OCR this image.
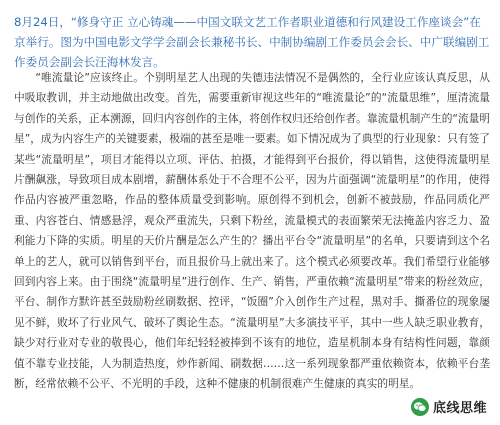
8月24日，“修身守正 立心铸魂——中国文联文艺工作者职业道德和行风建设工作座谈会”在京举行。图为中国电影文学学会副会长兼秘书长、中制协编剧工作委员会会长、中广联编剧工作委员会副会长汪海林发言。

“唯流量论”应该终止。个别明星艺人出现的失德违法情况不是偶然的，全行业应该认真反思，从中吸取教训，并主动地做出改变。首先，需要重新审视这些年的“唯流量论”的“流量思维”，厘清流量与创作的关系，正本溯源，回归内容创作的主体，将创作权归还给创作者。靠流量机制产生的“流量明星”，成为内容生产的关键要素，极端的甚至是唯一要素。如下情况成为了典型的行业现象：只有签了某些“流量明星”，项目才能得以立项、评估、拍摄，才能得到平台报价，得以销售，这使得流量明星片酬飙涨，导致项目成本剧增，薪酬体系处于不合理不公平，因为片面强调“流量明星”的作用，使得作品内容被严重忽略，作品的整体质量受到影响。原创得不到机会，创新不被鼓励，作品同质化严重、内容苍白、情感悬浮，观众严重流失，只剩下粉丝，流量模式的表面繁荣无法掩盖内容乏力、盈利能力下降的实质。明星的天价片酬是怎么产生的？播出平台令“流量明星”的名单，只要请到这个名单上的艺人，就可以销售到平台，而且报价马上就出来了。这个模式必须要改革。我们希望行业能够回到内容上来。由于围绕“流量明星”进行创作、生产、销售，严重依赖“流量明星”带来的粉丝效应，平台、制作方默许甚至鼓励粉丝刷数据、控评，“饭圈”介入创作生产过程，黑对手、撕番位的现象屡见不鲜，败坏了行业风气、破坏了舆论生态。“流量明星”大多演技平平，其中一些人缺乏职业教育，缺少对行业对专业的敬畏心，他们年纪轻轻被捧到不该有的地位，造星机制本身有结构性问题，靠颜值不靠专业技能，人为制造热度，炒作新闻、刷数据……这一系列现象都严重依赖资本，依赖平台垄断，经常依赖不公平、不光明的手段，这种不健康的机制很难产生健康的真实的明星。

底线思维
